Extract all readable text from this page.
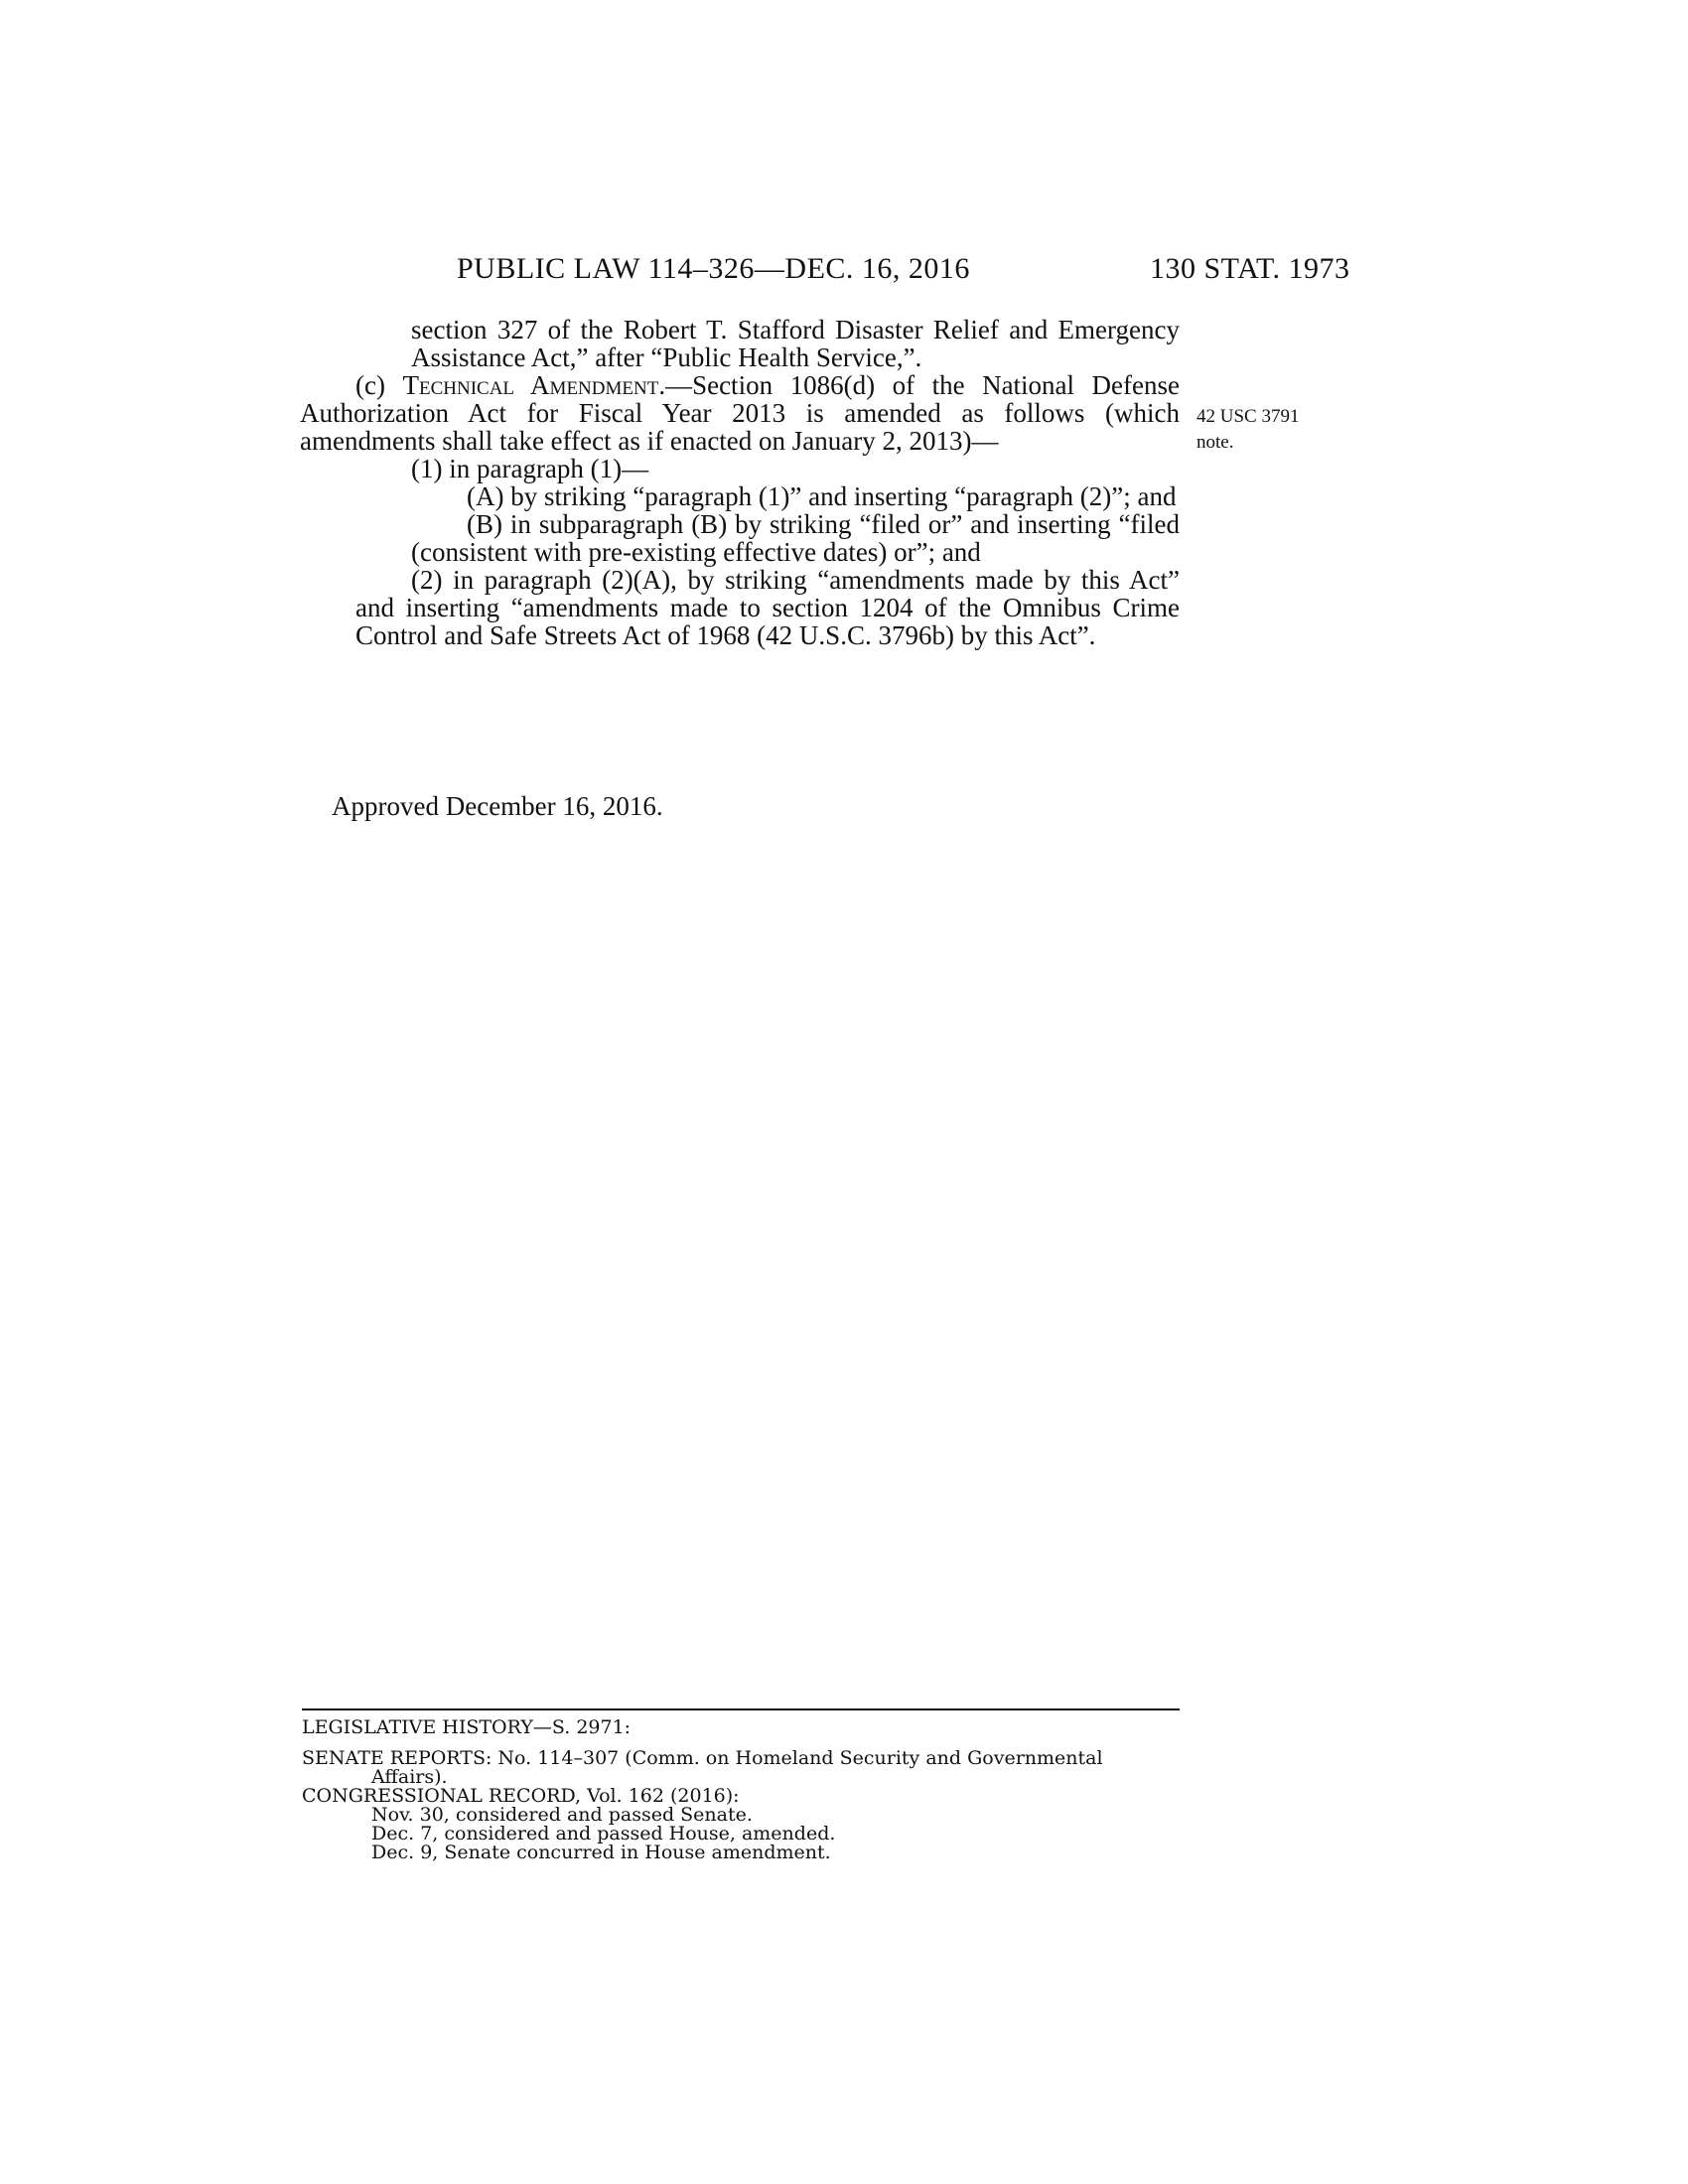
PUBLIC LAW 114–326—DEC. 16, 2016	130 STAT. 1973

section 327 of the Robert T. Stafford Disaster Relief and Emergency Assistance Act,” after “Public Health Service,”.

(c) Technical Amendment.—Section 1086(d) of the National Defense Authorization Act for Fiscal Year 2013 is amended as follows (which amendments shall take effect as if enacted on January 2, 2013)—

(1) in paragraph (1)—

(A) by striking “paragraph (1)” and inserting “paragraph (2)”; and

(B) in subparagraph (B) by striking “filed or” and inserting “filed (consistent with pre-existing effective dates) or”; and

(2) in paragraph (2)(A), by striking “amendments made by this Act” and inserting “amendments made to section 1204 of the Omnibus Crime Control and Safe Streets Act of 1968 (42 U.S.C. 3796b) by this Act”.

42 USC 3791
note.
Approved December 16, 2016.
LEGISLATIVE HISTORY—S. 2971:
SENATE REPORTS: No. 114–307 (Comm. on Homeland Security and Governmental
Affairs).
CONGRESSIONAL RECORD, Vol. 162 (2016):
Nov. 30, considered and passed Senate.
Dec. 7, considered and passed House, amended.
Dec. 9, Senate concurred in House amendment.
